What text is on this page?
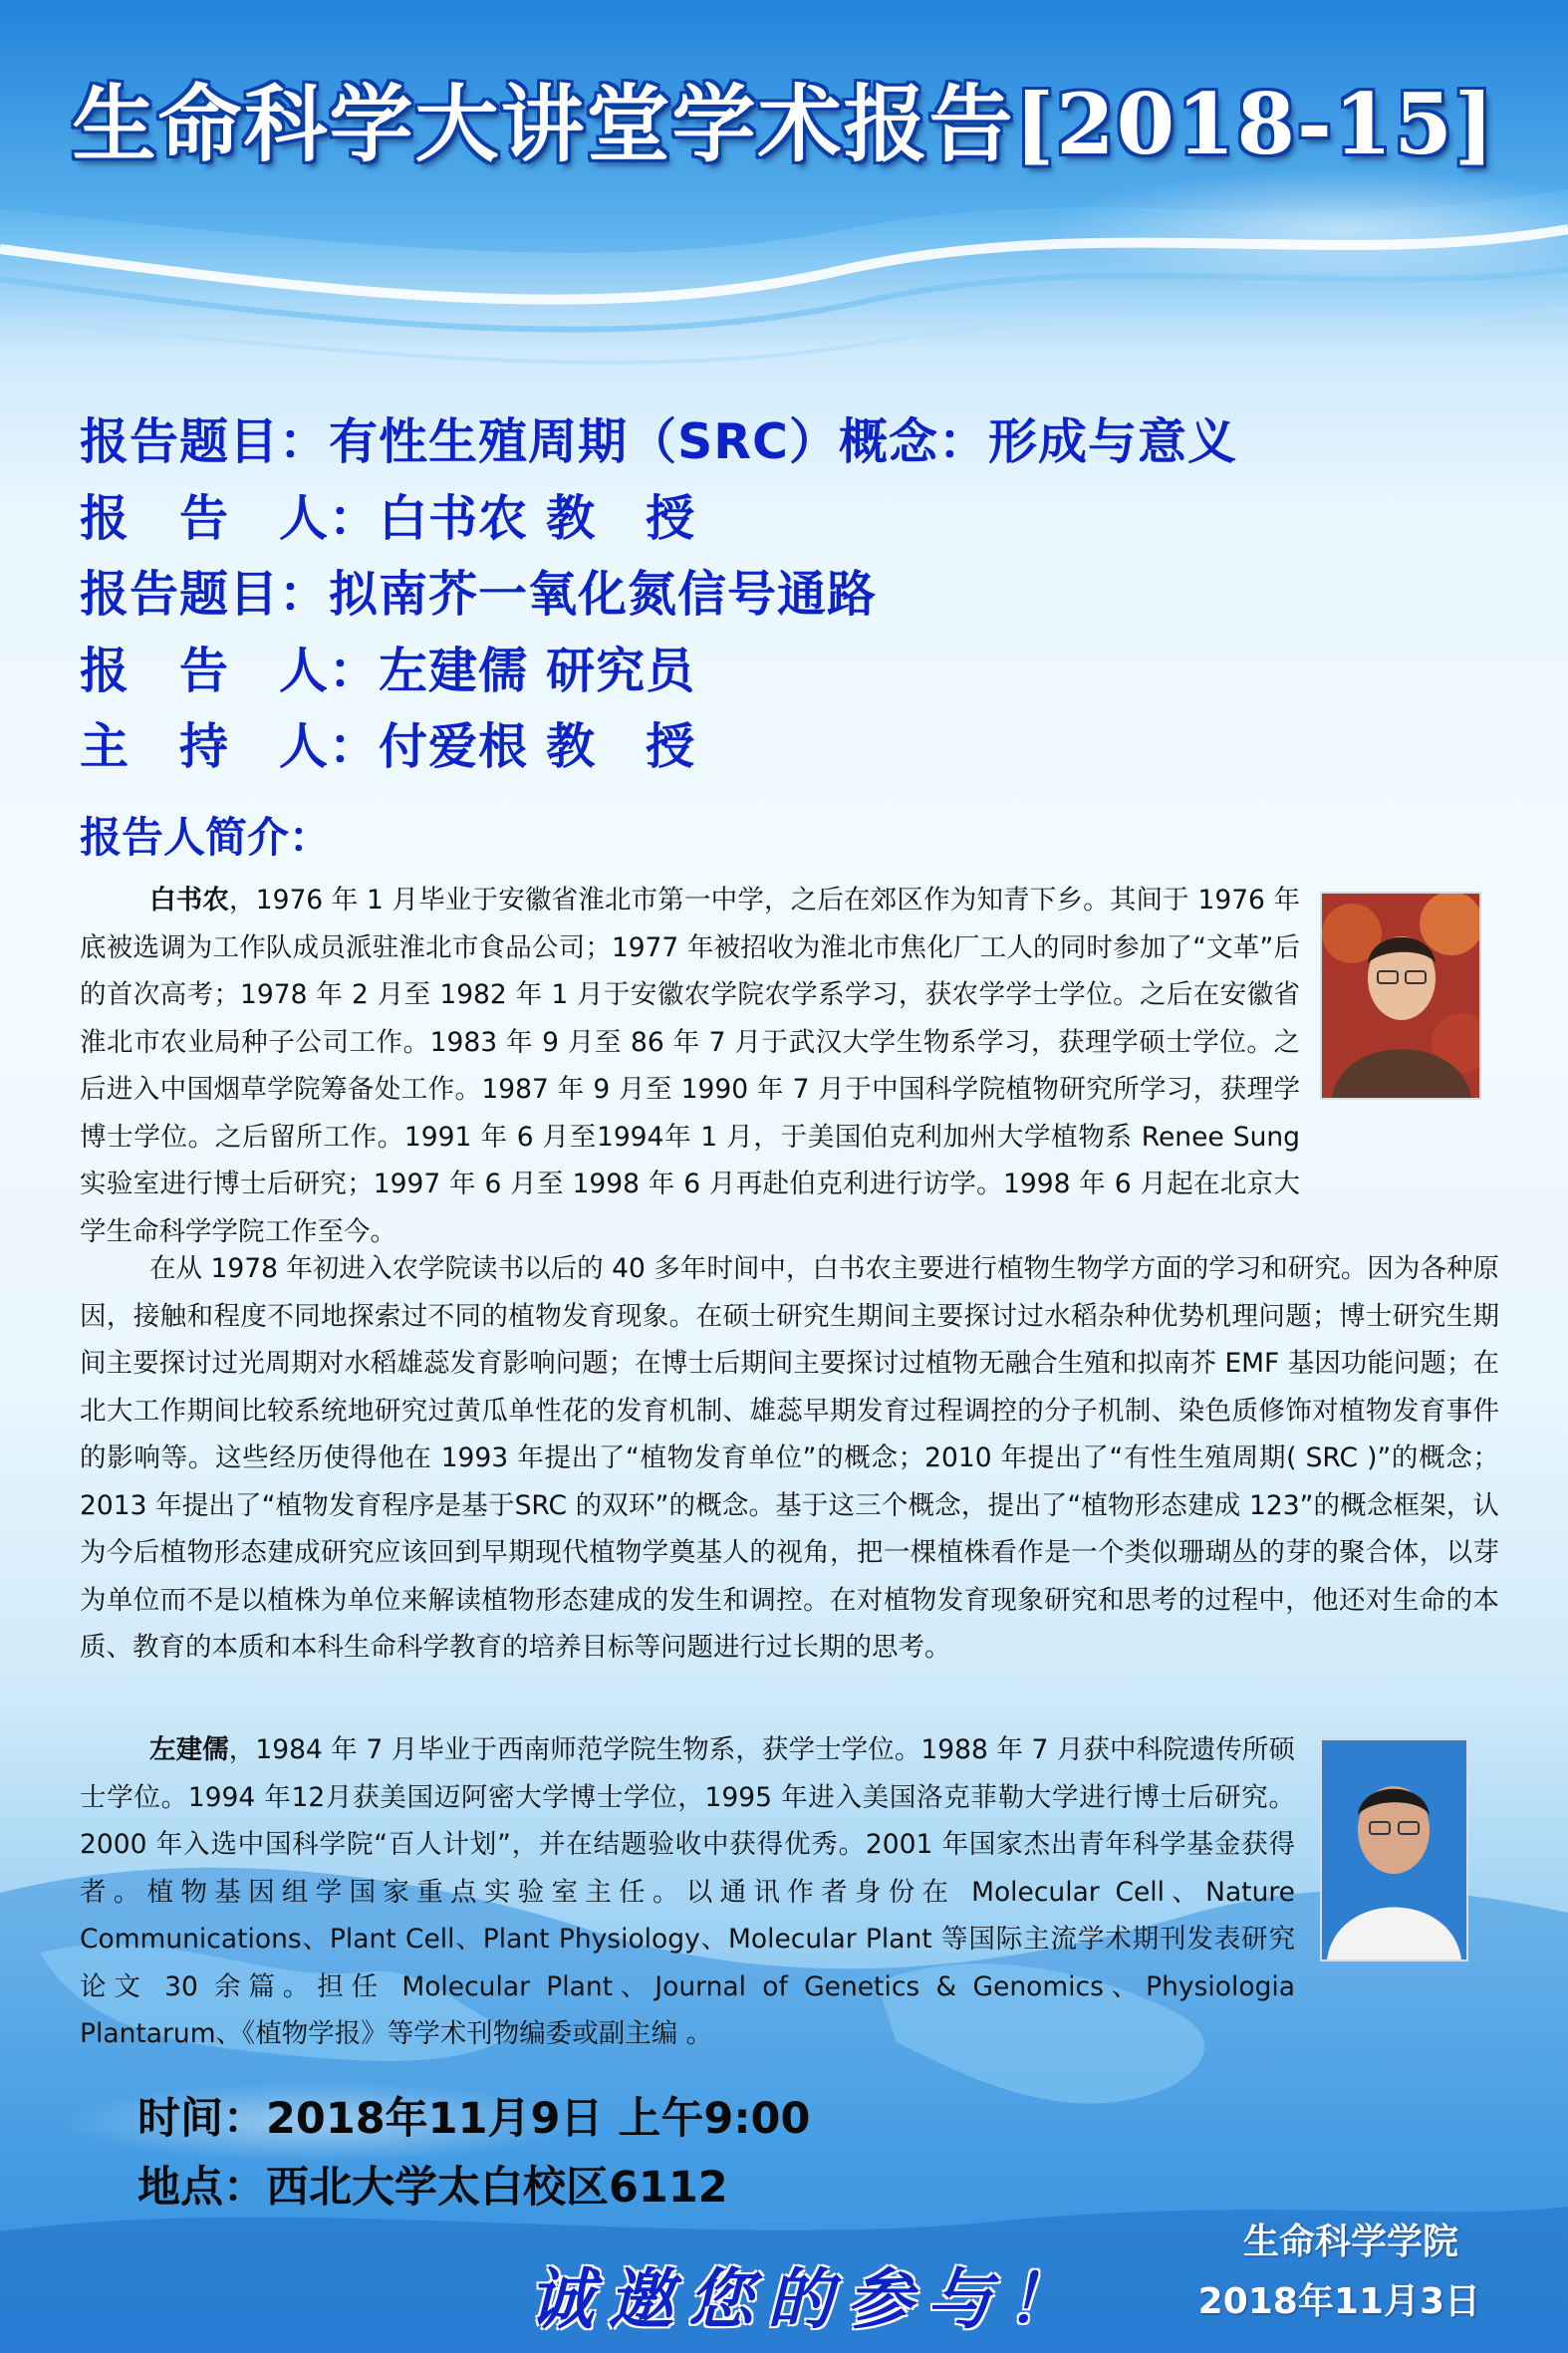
生命科学大讲堂学术报告[2018-15]
报告题目：有性生殖周期（SRC）概念：形成与意义
报　告　人：白书农 教　授
报告题目：拟南芥一氧化氮信号通路
报　告　人：左建儒 研究员
主　持　人：付爱根 教　授
报告人简介：

白书农，1976 年 1 月毕业于安徽省淮北市第一中学，之后在郊区作为知青下乡。其间于 1976 年底被选调为工作队成员派驻淮北市食品公司；1977 年被招收为淮北市焦化厂工人的同时参加了“文革”后的首次高考；1978 年 2 月至 1982 年 1 月于安徽农学院农学系学习，获农学学士学位。之后在安徽省淮北市农业局种子公司工作。1983 年 9 月至 86 年 7 月于武汉大学生物系学习，获理学硕士学位。之后进入中国烟草学院筹备处工作。1987 年 9 月至 1990 年 7 月于中国科学院植物研究所学习，获理学博士学位。之后留所工作。1991 年 6 月至1994年 1 月，于美国伯克利加州大学植物系 Renee Sung 实验室进行博士后研究；1997 年 6 月至 1998 年 6 月再赴伯克利进行访学。1998 年 6 月起在北京大学生命科学学院工作至今。

在从 1978 年初进入农学院读书以后的 40 多年时间中，白书农主要进行植物生物学方面的学习和研究。因为各种原因，接触和程度不同地探索过不同的植物发育现象。在硕士研究生期间主要探讨过水稻杂种优势机理问题；博士研究生期间主要探讨过光周期对水稻雄蕊发育影响问题；在博士后期间主要探讨过植物无融合生殖和拟南芥 EMF 基因功能问题；在北大工作期间比较系统地研究过黄瓜单性花的发育机制、雄蕊早期发育过程调控的分子机制、染色质修饰对植物发育事件的影响等。这些经历使得他在 1993 年提出了“植物发育单位”的概念；2010 年提出了“有性生殖周期( SRC )”的概念；2013 年提出了“植物发育程序是基于SRC 的双环”的概念。基于这三个概念，提出了“植物形态建成 123”的概念框架，认为今后植物形态建成研究应该回到早期现代植物学奠基人的视角，把一棵植株看作是一个类似珊瑚丛的芽的聚合体，以芽为单位而不是以植株为单位来解读植物形态建成的发生和调控。在对植物发育现象研究和思考的过程中，他还对生命的本质、教育的本质和本科生命科学教育的培养目标等问题进行过长期的思考。

左建儒，1984 年 7 月毕业于西南师范学院生物系，获学士学位。1988 年 7 月获中科院遗传所硕士学位。1994 年12月获美国迈阿密大学博士学位，1995 年进入美国洛克菲勒大学进行博士后研究。2000 年入选中国科学院“百人计划”，并在结题验收中获得优秀。2001 年国家杰出青年科学基金获得者。植物基因组学国家重点实验室主任。以通讯作者身份在 Molecular Cell、Nature Communications、Plant Cell、Plant Physiology、Molecular Plant 等国际主流学术期刊发表研究论文 30 余篇。担任 Molecular Plant、Journal of Genetics & Genomics、Physiologia Plantarum、《植物学报》等学术刊物编委或副主编 。

时间：2018年11月9日 上午9:00
地点：西北大学太白校区6112
诚邀您的参与！
生命科学学院
2018年11月3日
